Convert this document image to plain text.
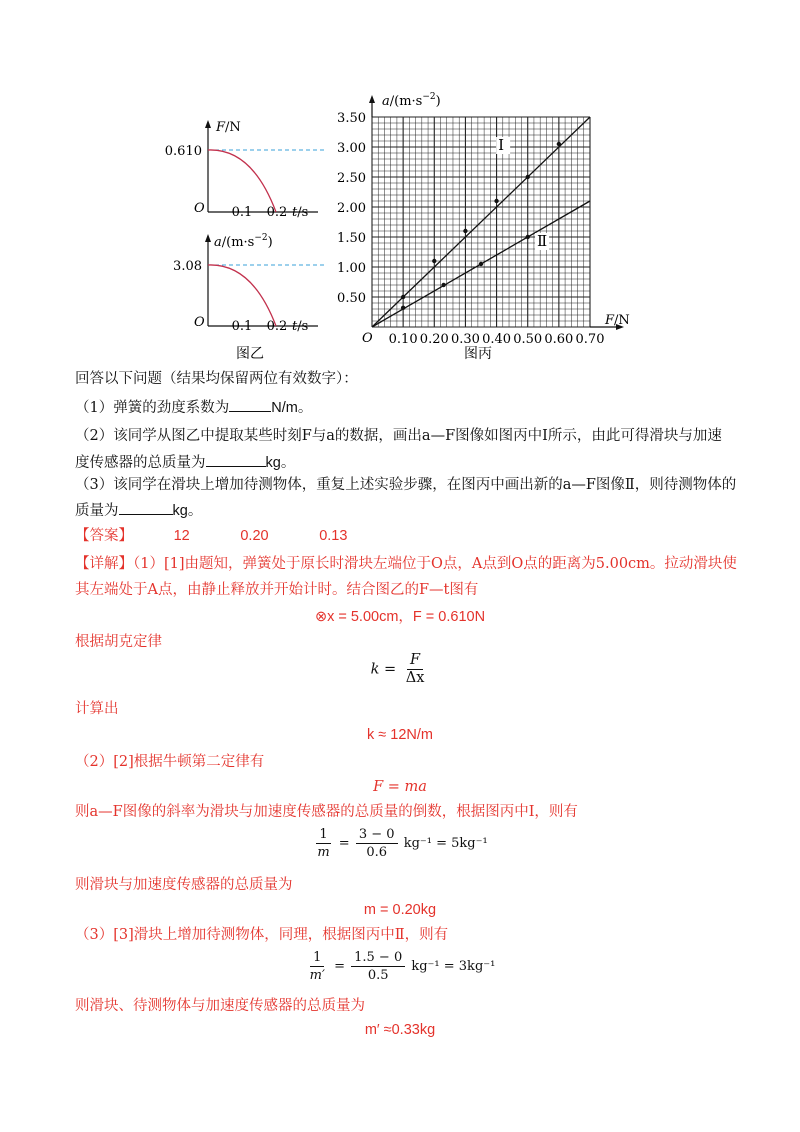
F/N
0.610
O 0.1 0.2 t/s
$a/(m\cdot s^{-2})$
3.08
O 0.1 0.2 t/s
图乙
Ⅰ
Ⅱ
0.10 0.20 0.30 0.40 0.50 0.60 0.70
0.50
1.00
1.50
2.00
2.50
3.00
3.50
$a/(m\cdot s^{-2})$
F/N
O
图丙
回答以下问题（结果均保留两位有效数字）：
（1）弹簧的劲度系数为	N/m。
（2）该同学从图乙中提取某些时刻F与a的数据，画出a—F图像如图丙中Ⅰ所示，由此可得滑块与加速
度传感器的总质量为	kg。
（3）该同学在滑块上增加待测物体，重复上述实验步骤，在图丙中画出新的a—F图像Ⅱ，则待测物体的
质量为	kg。
【答案】	12	0.20	0.13
【详解】（1）[1]由题知，弹簧处于原长时滑块左端位于O点，A点到O点的距离为5.00cm。拉动滑块使
其左端处于A点，由静止释放并开始计时。结合图乙的F—t图有
⊗x = 5.00cm，F = 0.610N
根据胡克定律
$k = \frac{F}{\Delta x}$
计算出
k ≈ 12N/m
（2）[2]根据牛顿第二定律有
F = ma
则a—F图像的斜率为滑块与加速度传感器的总质量的倒数，根据图丙中Ⅰ，则有
$\frac{1}{m} = \frac{3 - 0}{0.6} kg^{-1} = 5kg^{-1}$
则滑块与加速度传感器的总质量为
m = 0.20kg
（3）[3]滑块上增加待测物体，同理，根据图丙中Ⅱ，则有
$\frac{1}{m'} = \frac{1.5 - 0}{0.5} kg^{-1} = 3kg^{-1}$
则滑块、待测物体与加速度传感器的总质量为
m′ ≈0.33kg
